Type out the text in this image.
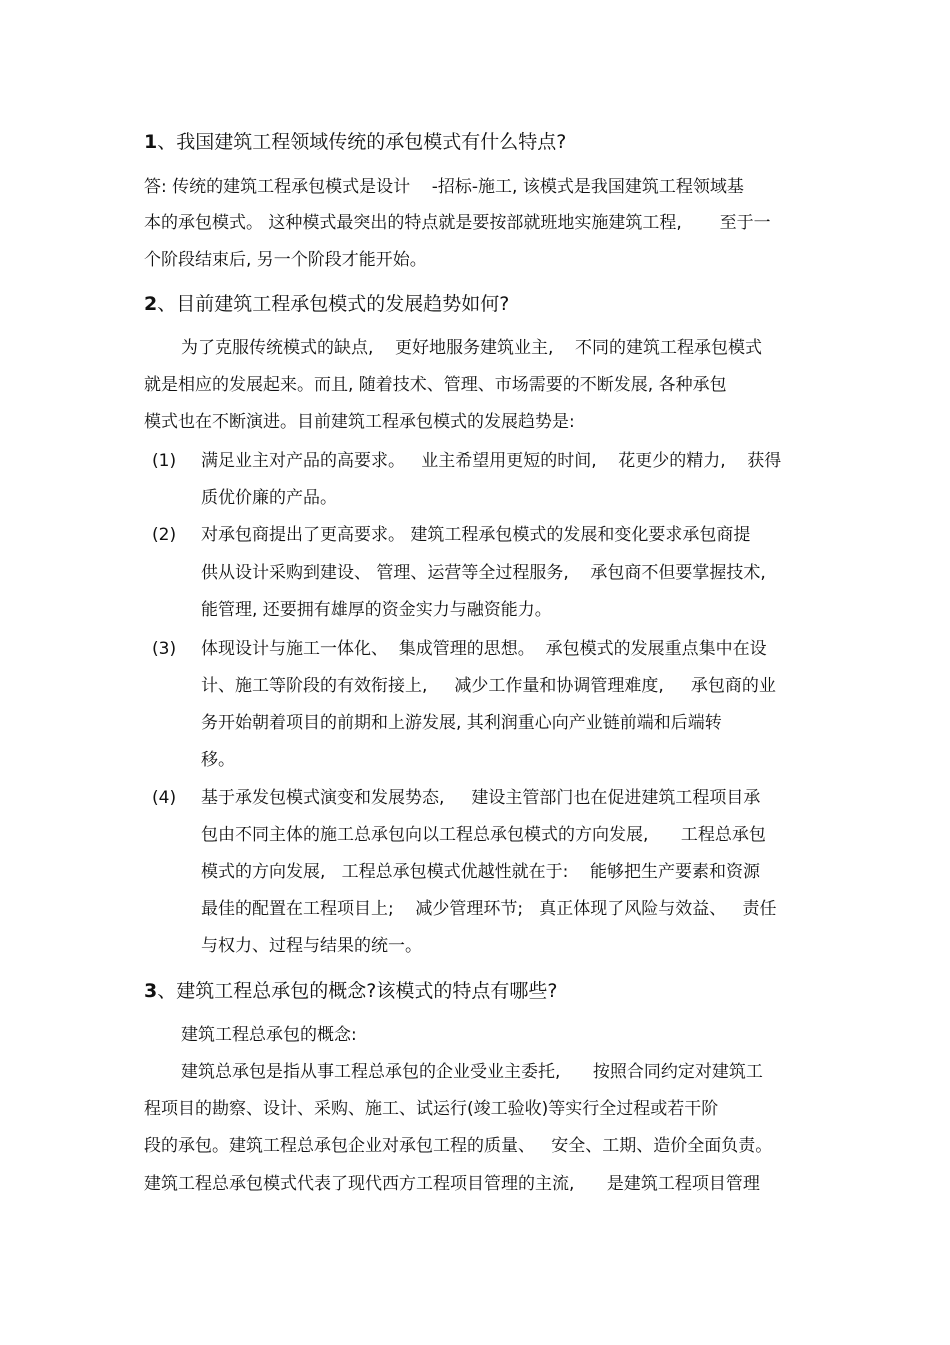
1、我国建筑工程领域传统的承包模式有什么特点?
答: 传统的建筑工程承包模式是设计    -招标-施工, 该模式是我国建筑工程领域基
本的承包模式。 这种模式最突出的特点就是要按部就班地实施建筑工程,       至于一
个阶段结束后, 另一个阶段才能开始。
2、目前建筑工程承包模式的发展趋势如何?
为了克服传统模式的缺点,    更好地服务建筑业主,    不同的建筑工程承包模式
就是相应的发展起来。而且, 随着技术、管理、市场需要的不断发展, 各种承包
模式也在不断演进。目前建筑工程承包模式的发展趋势是:
(1) 满足业主对产品的高要求。   业主希望用更短的时间,    花更少的精力,    获得
质优价廉的产品。
(2) 对承包商提出了更高要求。 建筑工程承包模式的发展和变化要求承包商提
供从设计采购到建设、 管理、运营等全过程服务,    承包商不但要掌握技术,
能管理, 还要拥有雄厚的资金实力与融资能力。
(3) 体现设计与施工一体化、  集成管理的思想。  承包模式的发展重点集中在设
计、施工等阶段的有效衔接上,     减少工作量和协调管理难度,     承包商的业
务开始朝着项目的前期和上游发展, 其利润重心向产业链前端和后端转
移。
(4) 基于承发包模式演变和发展势态,     建设主管部门也在促进建筑工程项目承
包由不同主体的施工总承包向以工程总承包模式的方向发展,      工程总承包
模式的方向发展,   工程总承包模式优越性就在于:    能够把生产要素和资源
最佳的配置在工程项目上;    减少管理环节;   真正体现了风险与效益、   责任
与权力、过程与结果的统一。
3、建筑工程总承包的概念?该模式的特点有哪些?
建筑工程总承包的概念:
建筑总承包是指从事工程总承包的企业受业主委托,      按照合同约定对建筑工
程项目的勘察、设计、采购、施工、试运行(竣工验收)等实行全过程或若干阶
段的承包。建筑工程总承包企业对承包工程的质量、   安全、工期、造价全面负责。
建筑工程总承包模式代表了现代西方工程项目管理的主流,      是建筑工程项目管理
